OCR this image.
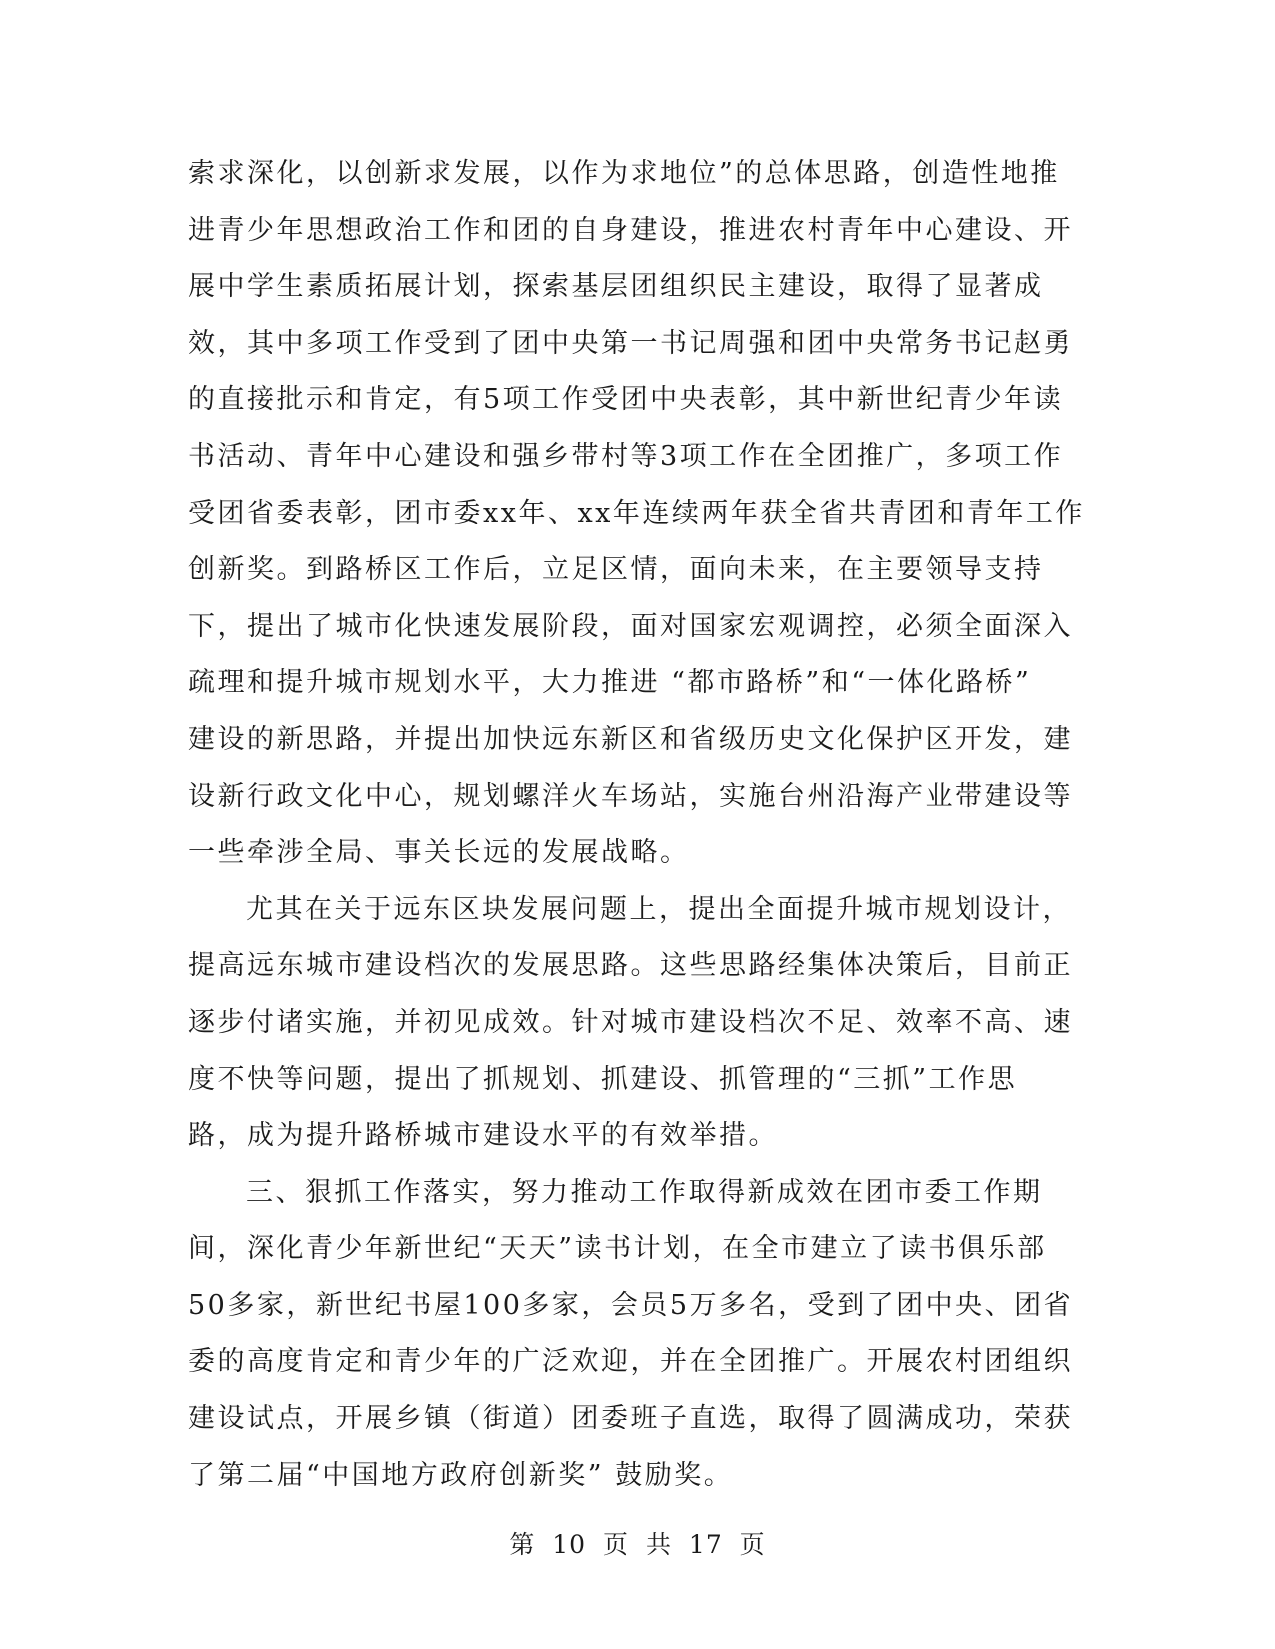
索求深化，以创新求发展，以作为求地位”的总体思路，创造性地推
进青少年思想政治工作和团的自身建设，推进农村青年中心建设、开
展中学生素质拓展计划，探索基层团组织民主建设，取得了显著成
效，其中多项工作受到了团中央第一书记周强和团中央常务书记赵勇
的直接批示和肯定，有5项工作受团中央表彰，其中新世纪青少年读
书活动、青年中心建设和强乡带村等3项工作在全团推广，多项工作
受团省委表彰，团市委xx年、xx年连续两年获全省共青团和青年工作
创新奖。到路桥区工作后，立足区情，面向未来，在主要领导支持
下，提出了城市化快速发展阶段，面对国家宏观调控，必须全面深入
疏理和提升城市规划水平，大力推进 “都市路桥”和“一体化路桥”
建设的新思路，并提出加快远东新区和省级历史文化保护区开发，建
设新行政文化中心，规划螺洋火车场站，实施台州沿海产业带建设等
一些牵涉全局、事关长远的发展战略。
尤其在关于远东区块发展问题上，提出全面提升城市规划设计，
提高远东城市建设档次的发展思路。这些思路经集体决策后，目前正
逐步付诸实施，并初见成效。针对城市建设档次不足、效率不高、速
度不快等问题，提出了抓规划、抓建设、抓管理的“三抓”工作思
路，成为提升路桥城市建设水平的有效举措。
三、狠抓工作落实，努力推动工作取得新成效在团市委工作期
间，深化青少年新世纪“天天”读书计划，在全市建立了读书俱乐部
50多家，新世纪书屋100多家，会员5万多名，受到了团中央、团省
委的高度肯定和青少年的广泛欢迎，并在全团推广。开展农村团组织
建设试点，开展乡镇（街道）团委班子直选，取得了圆满成功，荣获
了第二届“中国地方政府创新奖” 鼓励奖。
第 10 页 共 17 页
